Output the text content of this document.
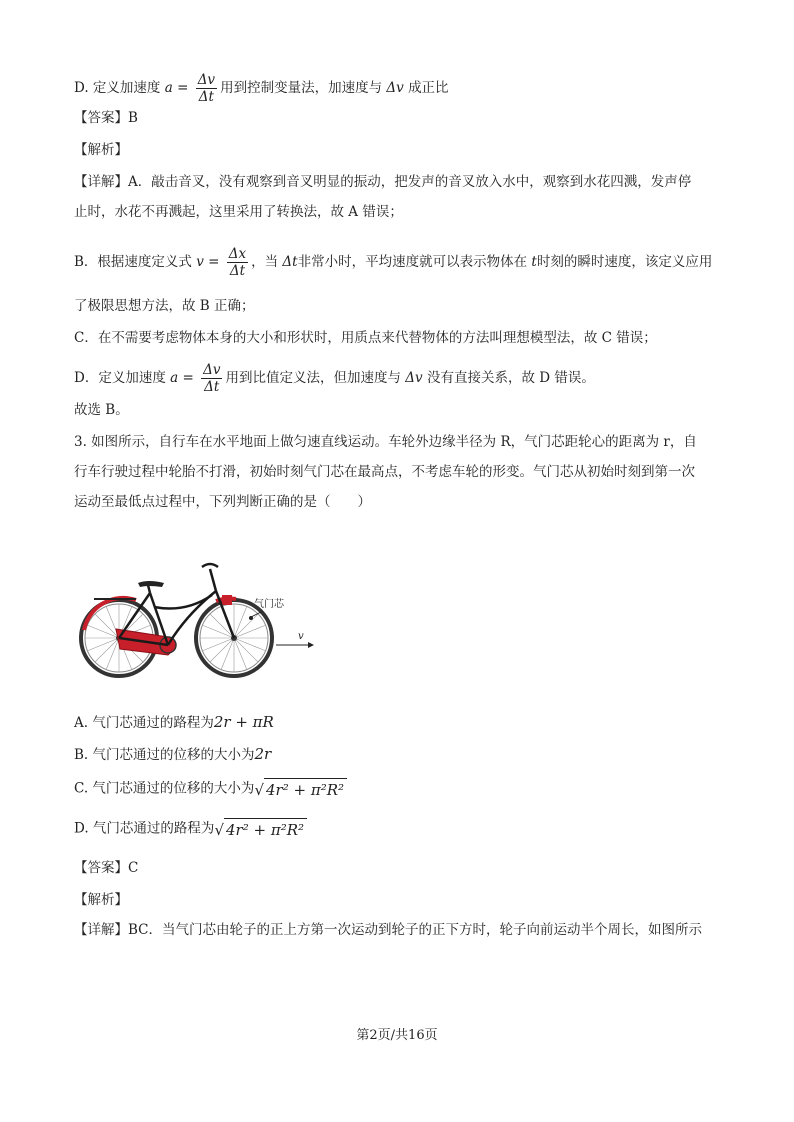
D. 定义加速度 $a = \frac{\Delta v}{\Delta t}$ 用到控制变量法，加速度与 Δv 成正比
【答案】B
【解析】
【详解】A．敲击音叉，没有观察到音叉明显的振动，把发声的音叉放入水中，观察到水花四溅，发声停
止时，水花不再溅起，这里采用了转换法，故 A 错误；
B．根据速度定义式 $v = \frac{\Delta x}{\Delta t}$ ，当 Δt非常小时，平均速度就可以表示物体在 t时刻的瞬时速度，该定义应用
了极限思想方法，故 B 正确；
C．在不需要考虑物体本身的大小和形状时，用质点来代替物体的方法叫理想模型法，故 C 错误；
D．定义加速度 $a = \frac{\Delta v}{\Delta t}$ 用到比值定义法，但加速度与 Δv 没有直接关系，故 D 错误。
故选 B。
3. 如图所示，自行车在水平地面上做匀速直线运动。车轮外边缘半径为 R，气门芯距轮心的距离为 r，自
行车行驶过程中轮胎不打滑，初始时刻气门芯在最高点，不考虑车轮的形变。气门芯从初始时刻到第一次
运动至最低点过程中，下列判断正确的是（　　）
气门芯
v
A. 气门芯通过的路程为2r + πR
B. 气门芯通过的位移的大小为2r
C. 气门芯通过的位移的大小为√ 4r² + π²R²
D. 气门芯通过的路程为√ 4r² + π²R²
【答案】C
【解析】
【详解】BC．当气门芯由轮子的正上方第一次运动到轮子的正下方时，轮子向前运动半个周长，如图所示
第2页/共16页
